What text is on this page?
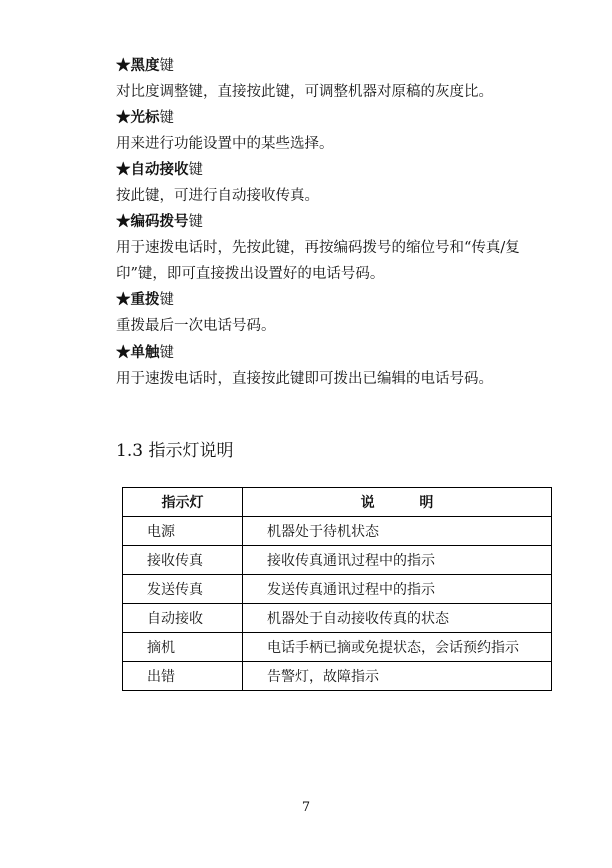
★黑度键
对比度调整键，直接按此键，可调整机器对原稿的灰度比。
★光标键
用来进行功能设置中的某些选择。
★自动接收键
按此键，可进行自动接收传真。
★编码拨号键
用于速拨电话时，先按此键，再按编码拨号的缩位号和“传真/复
印”键，即可直接拨出设置好的电话号码。
★重拨键
重拨最后一次电话号码。
★单触键
用于速拨电话时，直接按此键即可拨出已编辑的电话号码。
1.3 指示灯说明
指示灯	说 明
电源	机器处于待机状态
接收传真	接收传真通讯过程中的指示
发送传真	发送传真通讯过程中的指示
自动接收	机器处于自动接收传真的状态
摘机	电话手柄已摘或免提状态，会话预约指示
出错	告警灯，故障指示
7
